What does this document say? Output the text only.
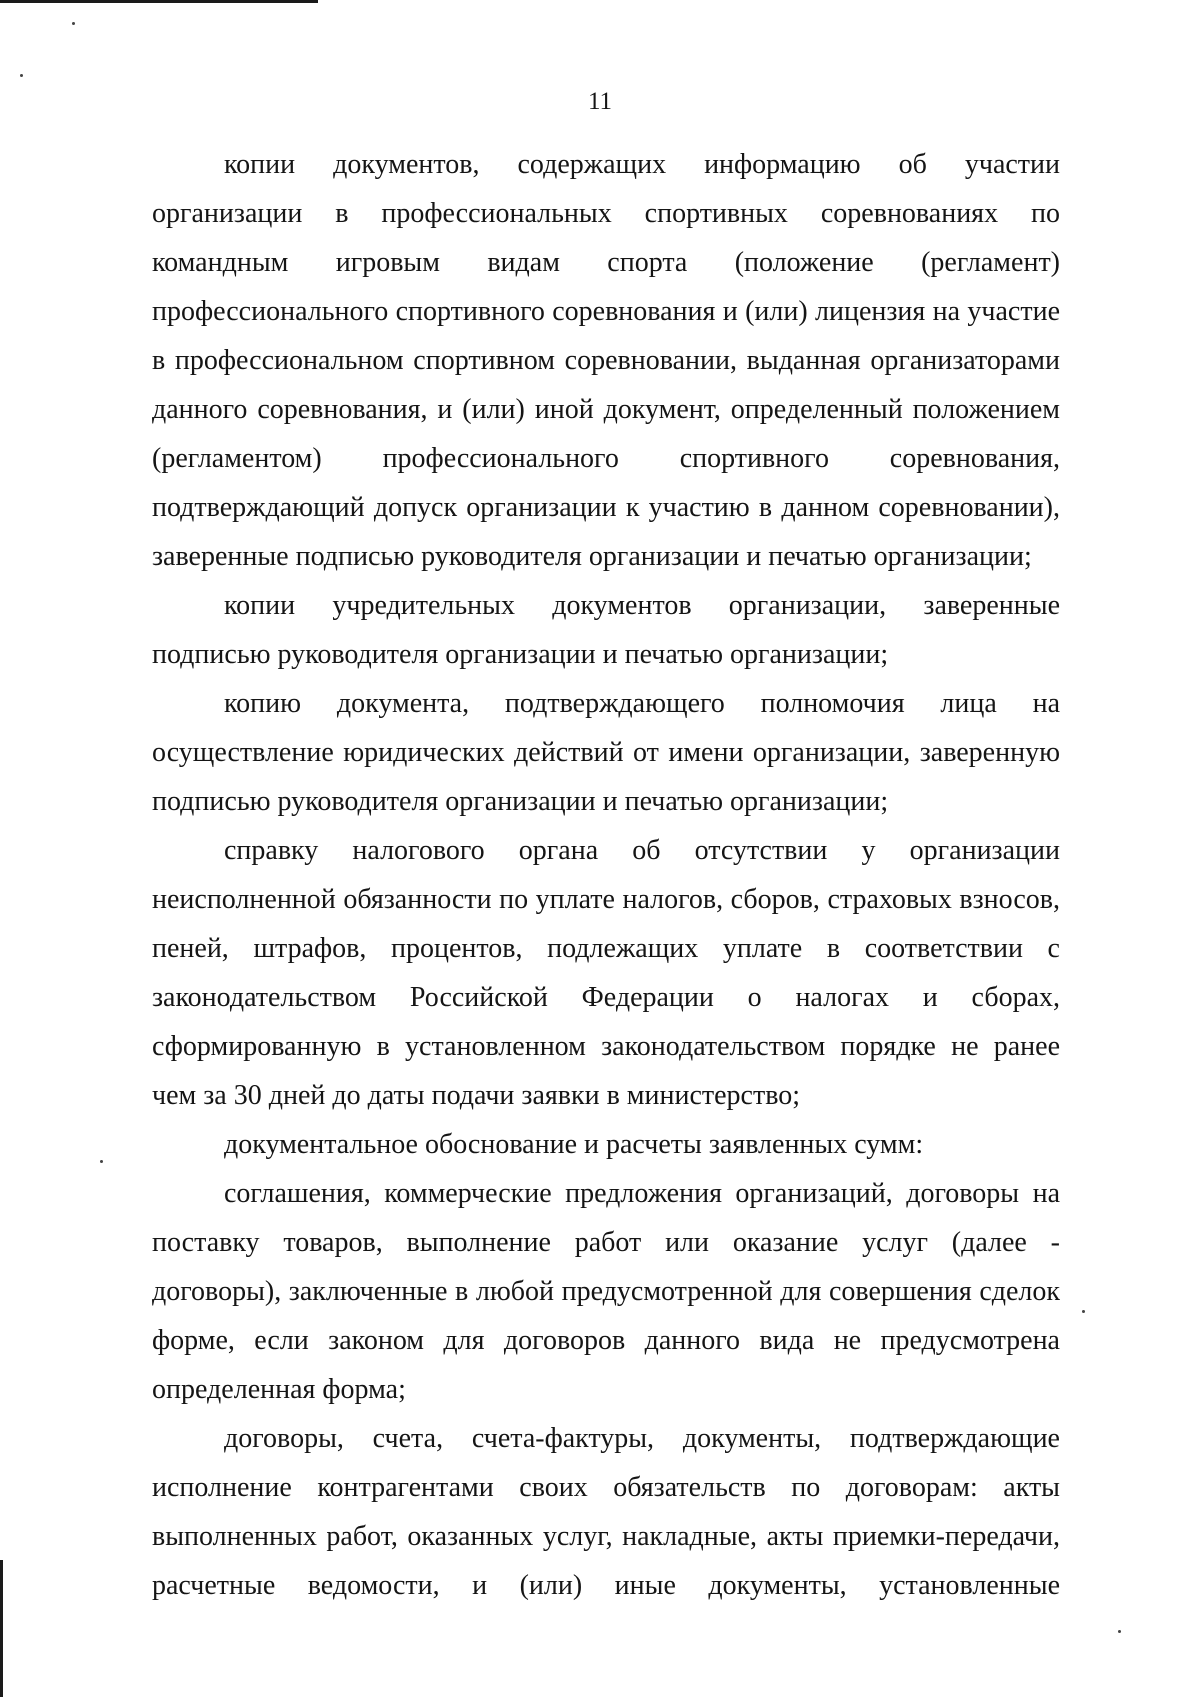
11
копии документов, содержащих информацию об участии
организации в профессиональных спортивных соревнованиях по
командным игровым видам спорта (положение (регламент)
профессионального спортивного соревнования и (или) лицензия на участие
в профессиональном спортивном соревновании, выданная организаторами
данного соревнования, и (или) иной документ, определенный положением
(регламентом) профессионального спортивного соревнования,
подтверждающий допуск организации к участию в данном соревновании),
заверенные подписью руководителя организации и печатью организации;
копии учредительных документов организации, заверенные
подписью руководителя организации и печатью организации;
копию документа, подтверждающего полномочия лица на
осуществление юридических действий от имени организации, заверенную
подписью руководителя организации и печатью организации;
справку налогового органа об отсутствии у организации
неисполненной обязанности по уплате налогов, сборов, страховых взносов,
пеней, штрафов, процентов, подлежащих уплате в соответствии с
законодательством Российской Федерации о налогах и сборах,
сформированную в установленном законодательством порядке не ранее
чем за 30 дней до даты подачи заявки в министерство;
документальное обоснование и расчеты заявленных сумм:
соглашения, коммерческие предложения организаций, договоры на
поставку товаров, выполнение работ или оказание услуг (далее -
договоры), заключенные в любой предусмотренной для совершения сделок
форме, если законом для договоров данного вида не предусмотрена
определенная форма;
договоры, счета, счета-фактуры, документы, подтверждающие
исполнение контрагентами своих обязательств по договорам: акты
выполненных работ, оказанных услуг, накладные, акты приемки-передачи,
расчетные ведомости, и (или) иные документы, установленные
